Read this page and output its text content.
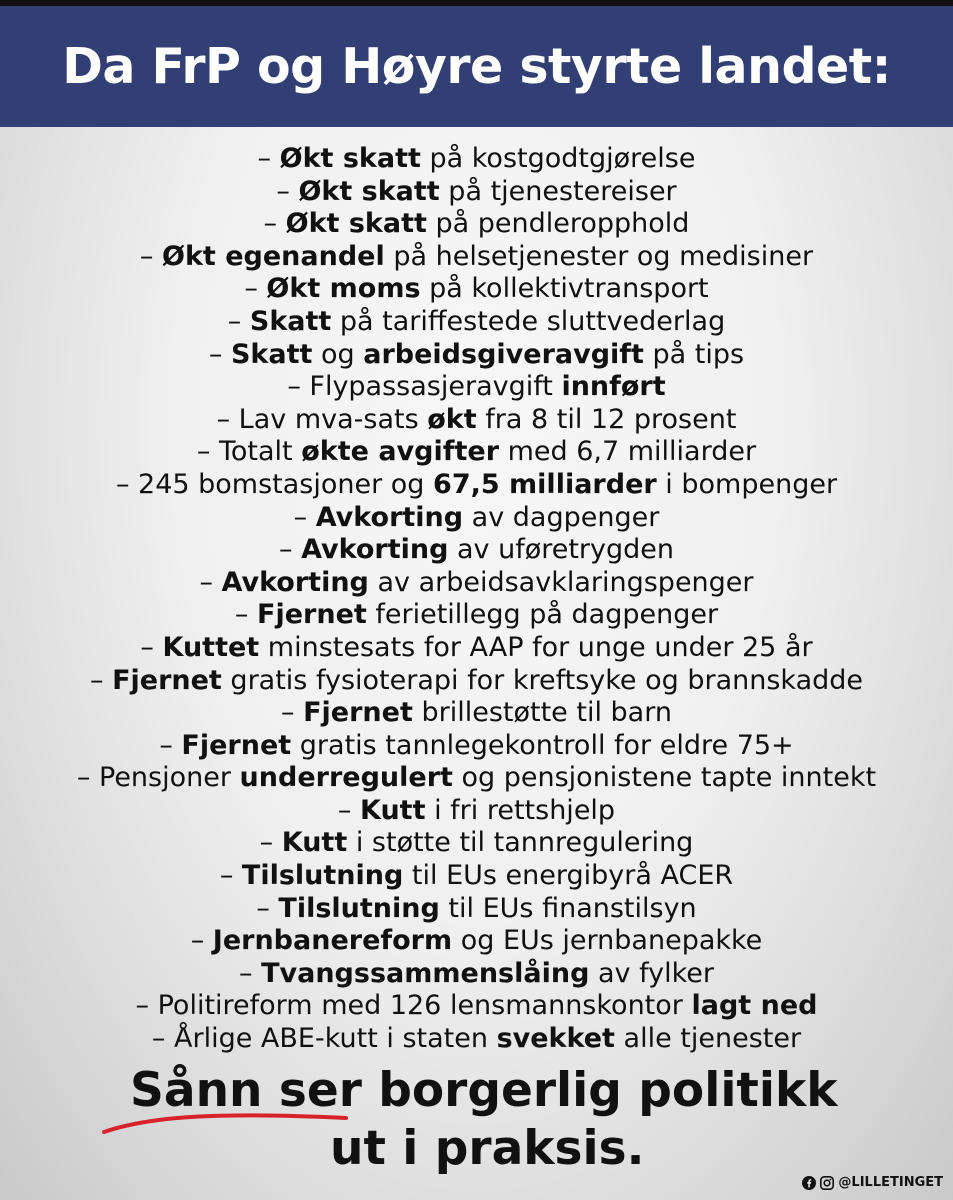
Da FrP og Høyre styrte landet:
– Økt skatt på kostgodtgjørelse
– Økt skatt på tjenestereiser
– Økt skatt på pendleropphold
– Økt egenandel på helsetjenester og medisiner
– Økt moms på kollektivtransport
– Skatt på tariffestede sluttvederlag
– Skatt og arbeidsgiveravgift på tips
– Flypassasjeravgift innført
– Lav mva-sats økt fra 8 til 12 prosent
– Totalt økte avgifter med 6,7 milliarder
– 245 bomstasjoner og 67,5 milliarder i bompenger
– Avkorting av dagpenger
– Avkorting av uføretrygden
– Avkorting av arbeidsavklaringspenger
– Fjernet ferietillegg på dagpenger
– Kuttet minstesats for AAP for unge under 25 år
– Fjernet gratis fysioterapi for kreftsyke og brannskadde
– Fjernet brillestøtte til barn
– Fjernet gratis tannlegekontroll for eldre 75+
– Pensjoner underregulert og pensjonistene tapte inntekt
– Kutt i fri rettshjelp
– Kutt i støtte til tannregulering
– Tilslutning til EUs energibyrå ACER
– Tilslutning til EUs finanstilsyn
– Jernbanereform og EUs jernbanepakke
– Tvangssammenslåing av fylker
– Politireform med 126 lensmannskontor lagt ned
– Årlige ABE-kutt i staten svekket alle tjenester
Sånn ser borgerlig politikk
ut i praksis.
@LILLETINGET
